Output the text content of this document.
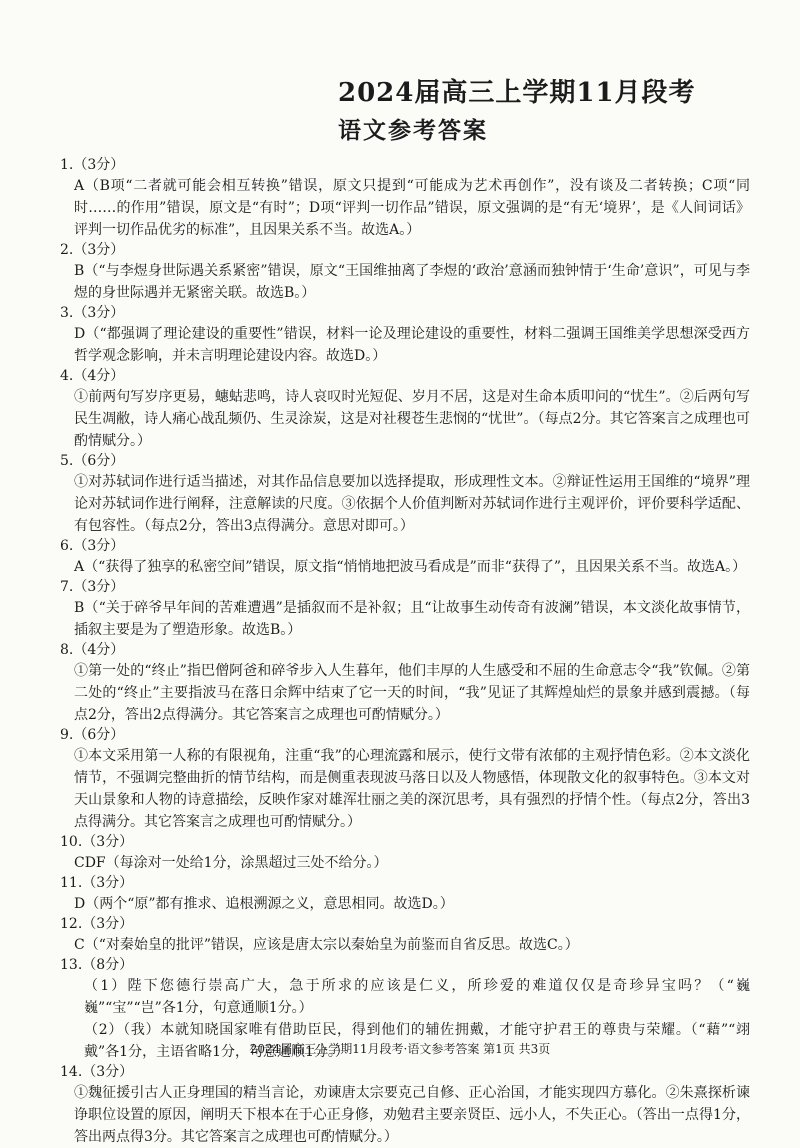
2024届高三上学期11月段考
语文参考答案
1.（3分）
A（B项“二者就可能会相互转换”错误，原文只提到“可能成为艺术再创作”，没有谈及二者转换；C项“同时……的作用”错误，原文是“有时”；D项“评判一切作品”错误，原文强调的是“有无‘境界’，是《人间词话》评判一切作品优劣的标准”，且因果关系不当。故选A。）
2.（3分）
B（“与李煜身世际遇关系紧密”错误，原文“王国维抽离了李煜的‘政治’意涵而独钟情于‘生命’意识”，可见与李煜的身世际遇并无紧密关联。故选B。）
3.（3分）
D（“都强调了理论建设的重要性”错误，材料一论及理论建设的重要性，材料二强调王国维美学思想深受西方哲学观念影响，并未言明理论建设内容。故选D。）
4.（4分）
①前两句写岁序更易，蟪蛄悲鸣，诗人哀叹时光短促、岁月不居，这是对生命本质叩问的“忧生”。②后两句写民生凋敝，诗人痛心战乱频仍、生灵涂炭，这是对社稷苍生悲悯的“忧世”。（每点2分。其它答案言之成理也可酌情赋分。）
5.（6分）
①对苏轼词作进行适当描述，对其作品信息要加以选择提取，形成理性文本。②辩证性运用王国维的“境界”理论对苏轼词作进行阐释，注意解读的尺度。③依据个人价值判断对苏轼词作进行主观评价，评价要科学适配、有包容性。（每点2分，答出3点得满分。意思对即可。）
6.（3分）
A（“获得了独享的私密空间”错误，原文指“悄悄地把波马看成是”而非“获得了”，且因果关系不当。故选A。）
7.（3分）
B（“关于碎爷早年间的苦难遭遇”是插叙而不是补叙；且“让故事生动传奇有波澜”错误，本文淡化故事情节，插叙主要是为了塑造形象。故选B。）
8.（4分）
①第一处的“终止”指巴僧阿爸和碎爷步入人生暮年，他们丰厚的人生感受和不屈的生命意志令“我”钦佩。②第二处的“终止”主要指波马在落日余辉中结束了它一天的时间，“我”见证了其辉煌灿烂的景象并感到震撼。（每点2分，答出2点得满分。其它答案言之成理也可酌情赋分。）
9.（6分）
①本文采用第一人称的有限视角，注重“我”的心理流露和展示，使行文带有浓郁的主观抒情色彩。②本文淡化情节，不强调完整曲折的情节结构，而是侧重表现波马落日以及人物感悟，体现散文化的叙事特色。③本文对天山景象和人物的诗意描绘，反映作家对雄浑壮丽之美的深沉思考，具有强烈的抒情个性。（每点2分，答出3点得满分。其它答案言之成理也可酌情赋分。）
10.（3分）
CDF（每涂对一处给1分，涂黑超过三处不给分。）
11.（3分）
D（两个“原”都有推求、追根溯源之义，意思相同。故选D。）
12.（3分）
C（“对秦始皇的批评”错误，应该是唐太宗以秦始皇为前鉴而自省反思。故选C。）
13.（8分）
（1）陛下您德行崇高广大，急于所求的应该是仁义，所珍爱的难道仅仅是奇珍异宝吗？（“巍巍”“宝”“岂”各1分，句意通顺1分。）
（2）（我）本就知晓国家唯有借助臣民，得到他们的辅佐拥戴，才能守护君王的尊贵与荣耀。（“藉”“翊戴”各1分，主语省略1分，句意通顺1分。）
14.（3分）
①魏征援引古人正身理国的精当言论，劝谏唐太宗要克己自修、正心治国，才能实现四方慕化。②朱熹探析谏诤职位设置的原因，阐明天下根本在于心正身修，劝勉君主要亲贤臣、远小人，不失正心。（答出一点得1分，答出两点得3分。其它答案言之成理也可酌情赋分。）
2024届高三上学期11月段考·语文参考答案 第1页 共3页
